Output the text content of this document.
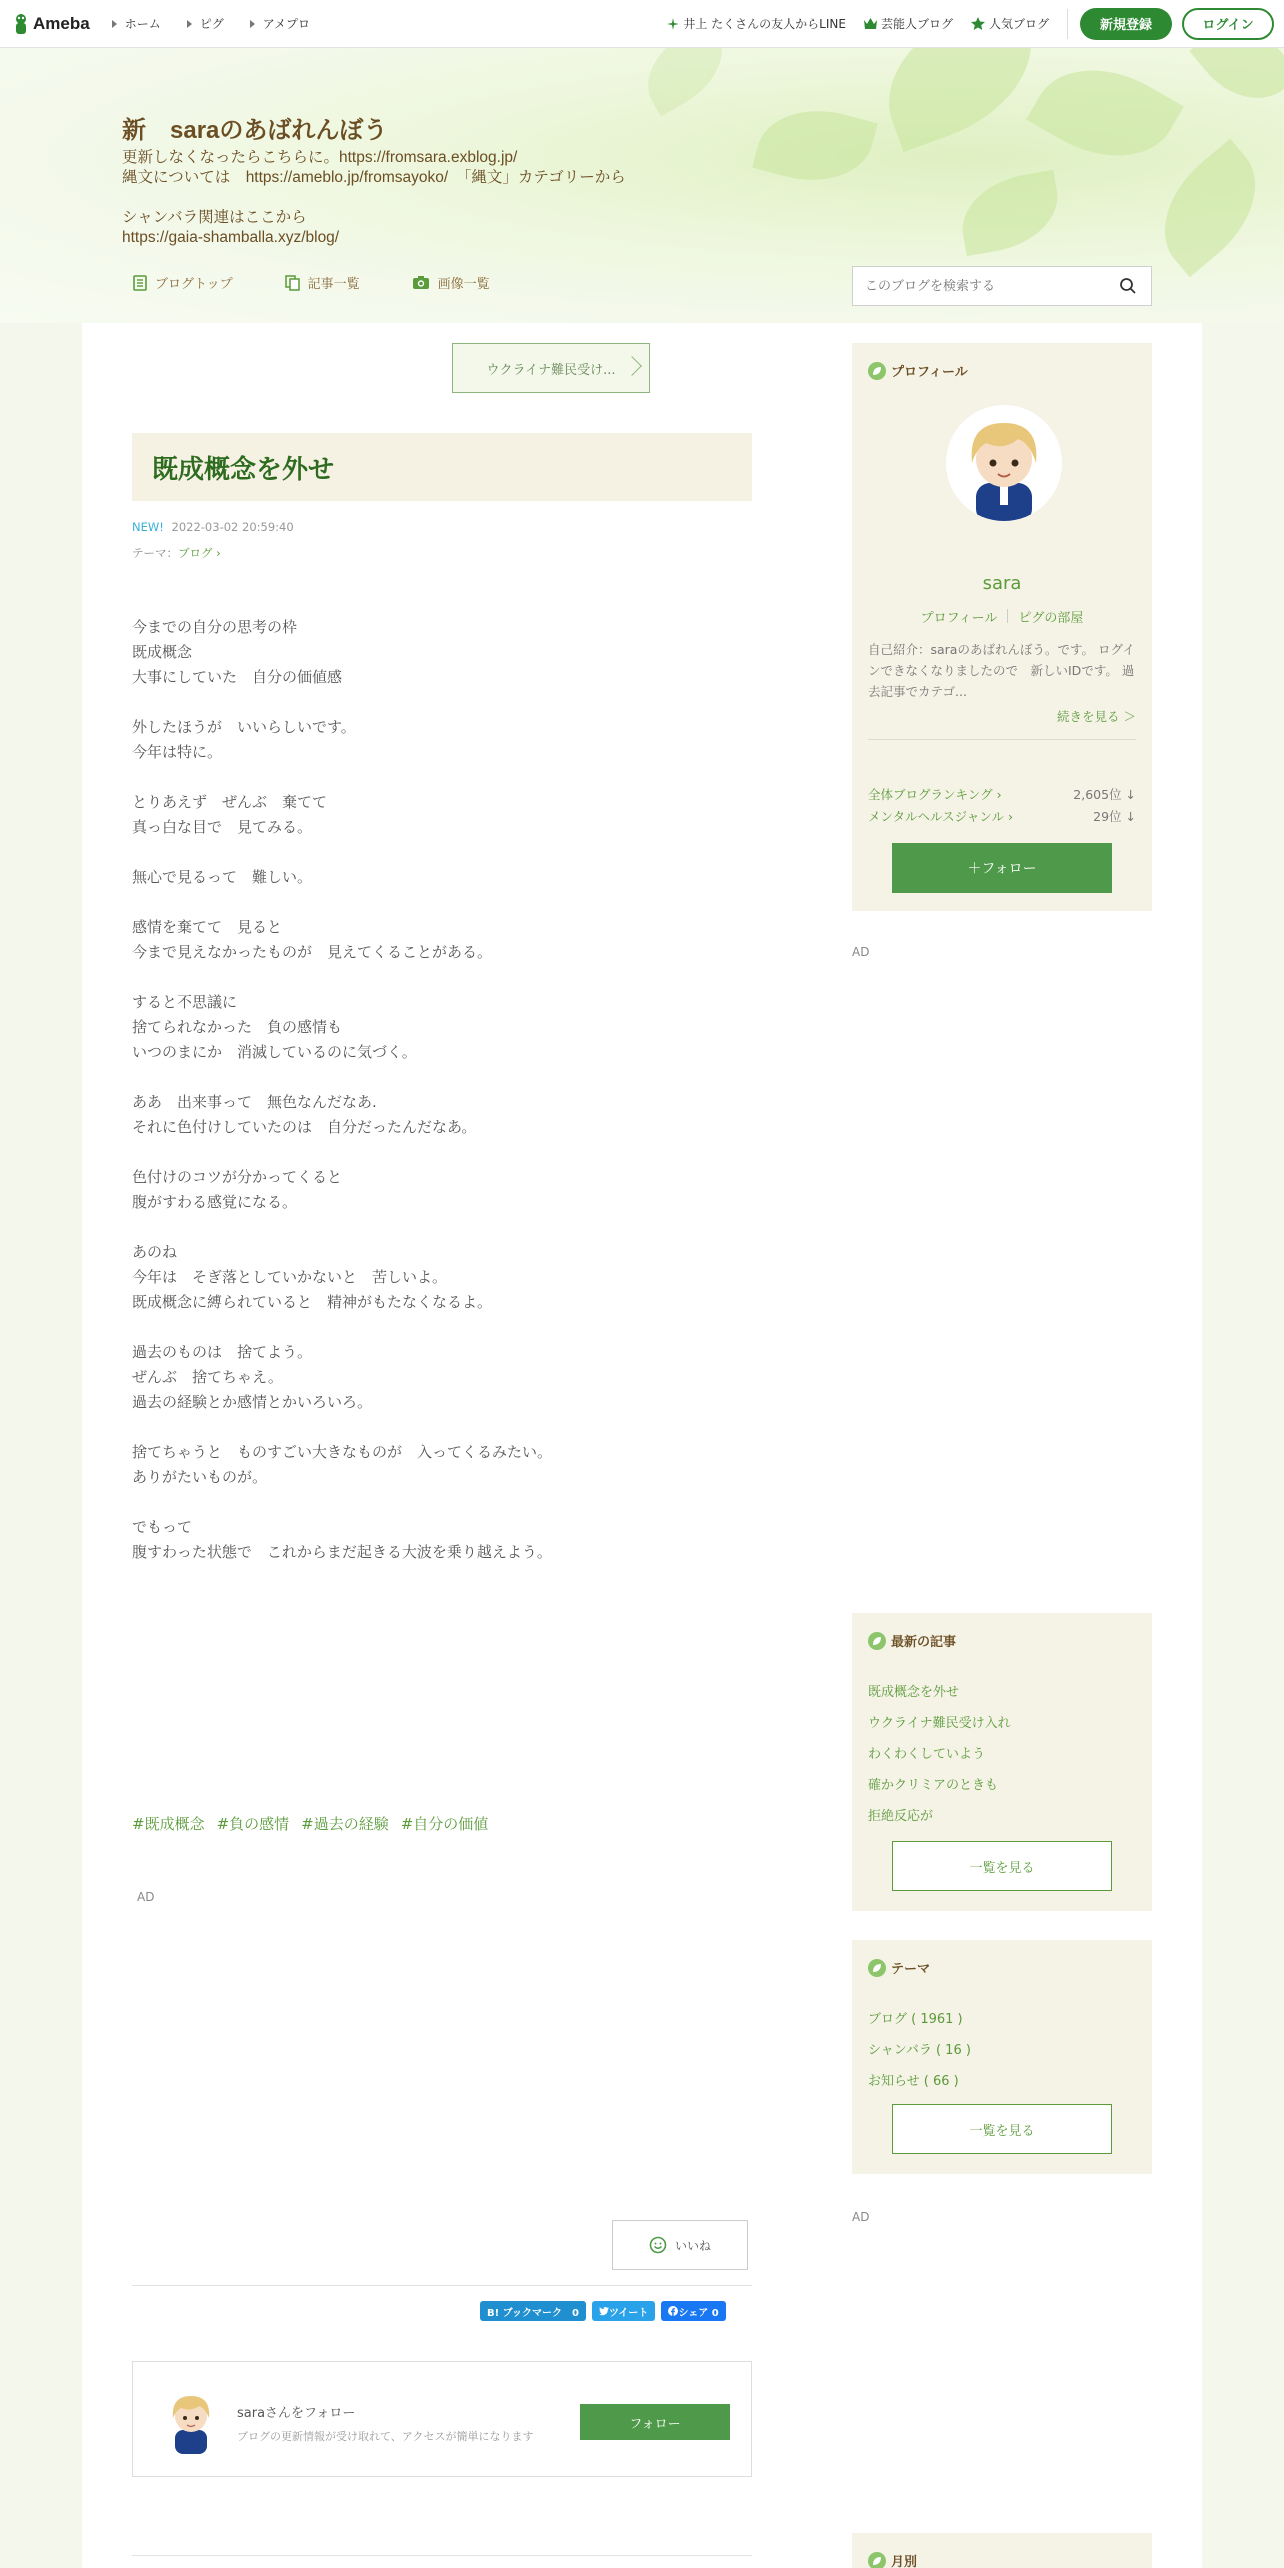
Ameba	ホーム	ピグ	アメプロ	井上 たくさんの友人からLINE	芸能人ブログ	人気ブログ	新規登録	ログイン
新　saraのあばれんぼう
更新しなくなったらこちらに。https://fromsara.exblog.jp/
縄文については　https://ameblo.jp/fromsayoko/　「縄文」カテゴリーから

シャンバラ関連はここから
https://gaia-shamballa.xyz/blog/
ブログトップ	記事一覧	画像一覧
このブログを検索する
ウクライナ難民受け...
既成概念を外せ
NEW! 2022-03-02 20:59:40
テーマ：ブログ ›
今までの自分の思考の枠
既成概念
大事にしていた　自分の価値感

外したほうが　いいらしいです。
今年は特に。

とりあえず　ぜんぶ　棄てて
真っ白な目で　見てみる。

無心で見るって　難しい。

感情を棄てて　見ると
今まで見えなかったものが　見えてくることがある。

すると不思議に
捨てられなかった　負の感情も
いつのまにか　消滅しているのに気づく。

ああ　出来事って　無色なんだなあ.
それに色付けしていたのは　自分だったんだなあ。

色付けのコツが分かってくると
腹がすわる感覚になる。

あのね
今年は　そぎ落としていかないと　苦しいよ。
既成概念に縛られていると　精神がもたなくなるよ。

過去のものは　捨てよう。
ぜんぶ　捨てちゃえ。
過去の経験とか感情とかいろいろ。

捨てちゃうと　ものすごい大きなものが　入ってくるみたい。
ありがたいものが。

でもって
腹すわった状態で　これからまだ起きる大波を乗り越えよう。
#既成概念 #負の感情 #過去の経験 #自分の価値
AD
いいね
B! ブックマーク　0	ツイート	シェア 0
saraさんをフォロー
ブログの更新情報が受け取れて、アクセスが簡単になります
フォロー
プロフィール
sara
プロフィール ピグの部屋
自己紹介：saraのあばれんぼう。です。 ログインできなくなりましたので　新しいIDです。 過去記事でカテゴ...
続きを見る ＞
全体ブログランキング ›	2,605位 ↓
メンタルヘルスジャンル ›	29位 ↓
＋フォロー
AD
最新の記事
既成概念を外せ
ウクライナ難民受け入れ
わくわくしていよう
確かクリミアのときも
拒絶反応が
一覧を見る
テーマ
ブログ ( 1961 )
シャンバラ ( 16 )
お知らせ ( 66 )
一覧を見る
AD
月別
